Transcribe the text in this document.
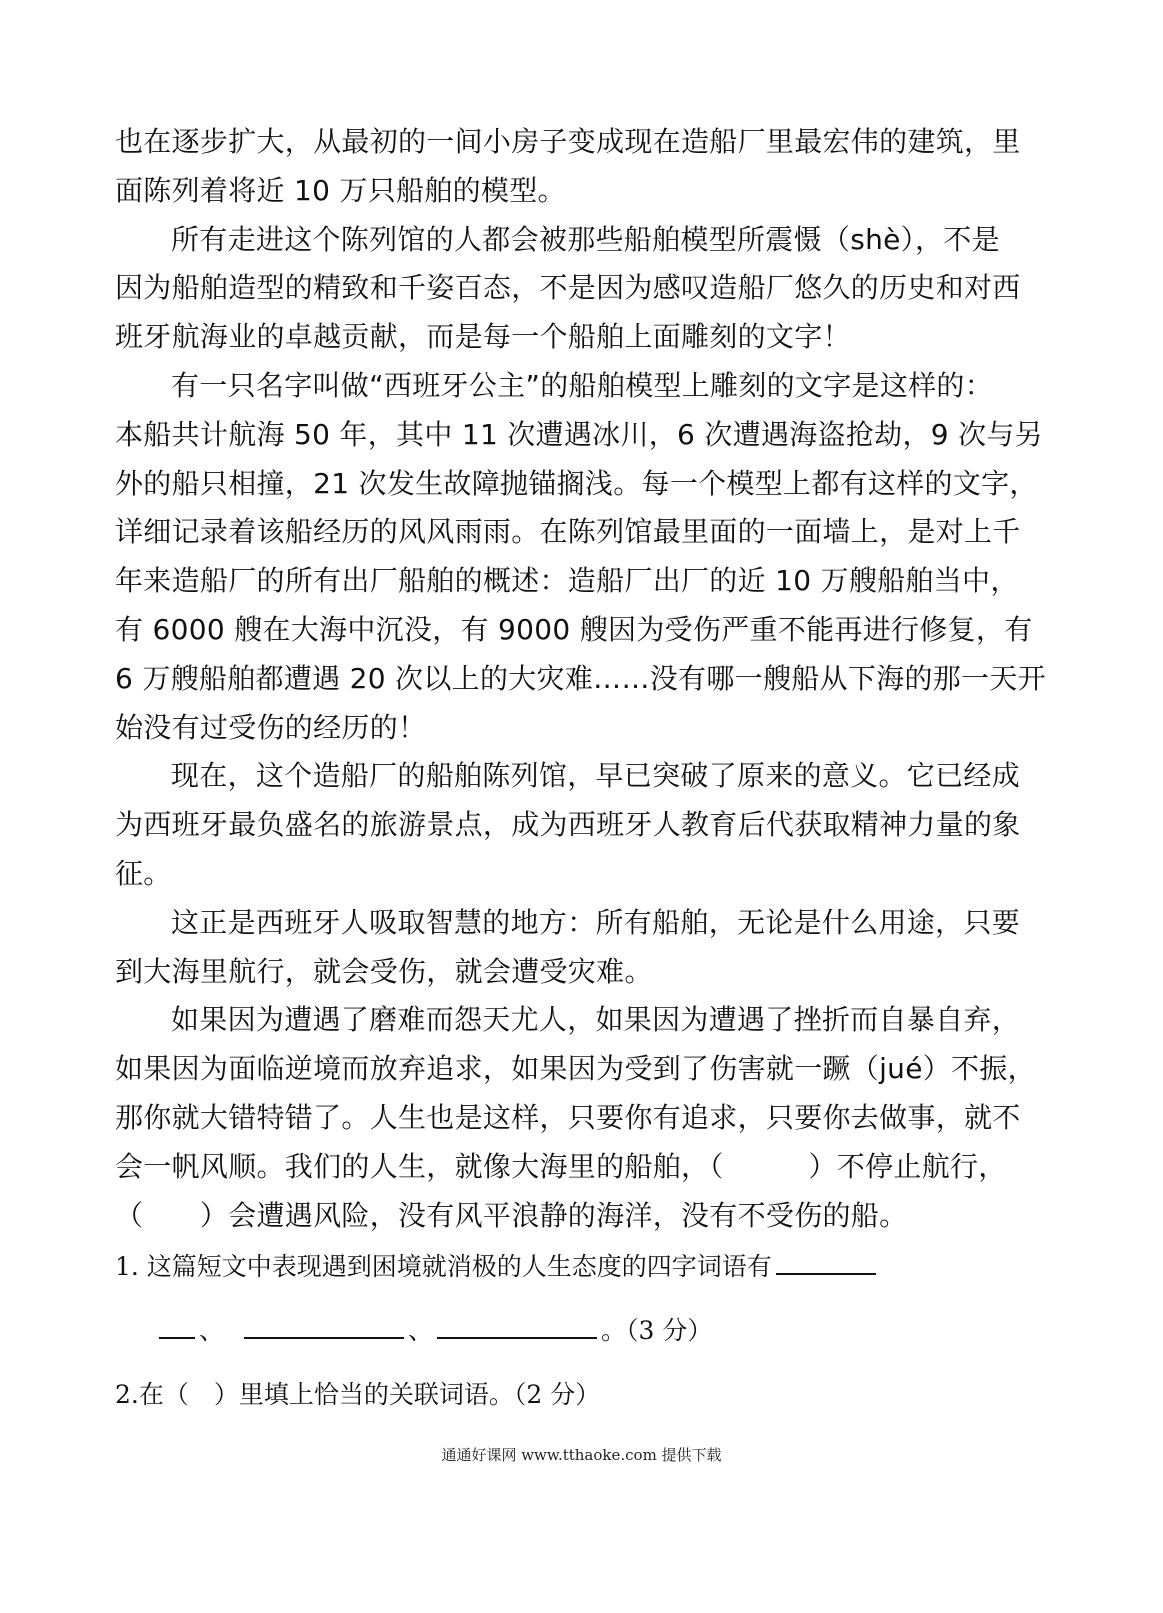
也在逐步扩大，从最初的一间小房子变成现在造船厂里最宏伟的建筑，里

面陈列着将近 10 万只船舶的模型。

所有走进这个陈列馆的人都会被那些船舶模型所震慑（shè），不是

因为船舶造型的精致和千姿百态，不是因为感叹造船厂悠久的历史和对西

班牙航海业的卓越贡献，而是每一个船舶上面雕刻的文字！

有一只名字叫做“西班牙公主”的船舶模型上雕刻的文字是这样的：

本船共计航海 50 年，其中 11 次遭遇冰川，6 次遭遇海盗抢劫，9 次与另

外的船只相撞，21 次发生故障抛锚搁浅。每一个模型上都有这样的文字，

详细记录着该船经历的风风雨雨。在陈列馆最里面的一面墙上，是对上千

年来造船厂的所有出厂船舶的概述：造船厂出厂的近 10 万艘船舶当中，

有 6000 艘在大海中沉没，有 9000 艘因为受伤严重不能再进行修复，有

6 万艘船舶都遭遇 20 次以上的大灾难……没有哪一艘船从下海的那一天开

始没有过受伤的经历的！

现在，这个造船厂的船舶陈列馆，早已突破了原来的意义。它已经成

为西班牙最负盛名的旅游景点，成为西班牙人教育后代获取精神力量的象

征。

这正是西班牙人吸取智慧的地方：所有船舶，无论是什么用途，只要

到大海里航行，就会受伤，就会遭受灾难。

如果因为遭遇了磨难而怨天尤人，如果因为遭遇了挫折而自暴自弃，

如果因为面临逆境而放弃追求，如果因为受到了伤害就一蹶（jué）不振，

那你就大错特错了。人生也是这样，只要你有追求，只要你去做事，就不

会一帆风顺。我们的人生，就像大海里的船舶，（　　　）不停止航行，

（　　）会遭遇风险，没有风平浪静的海洋，没有不受伤的船。

1. 这篇短文中表现遇到困境就消极的人生态度的四字词语有
、	、	。（3 分）
2.在（　）里填上恰当的关联词语。（2 分）
通通好课网 www.tthaoke.com 提供下载
